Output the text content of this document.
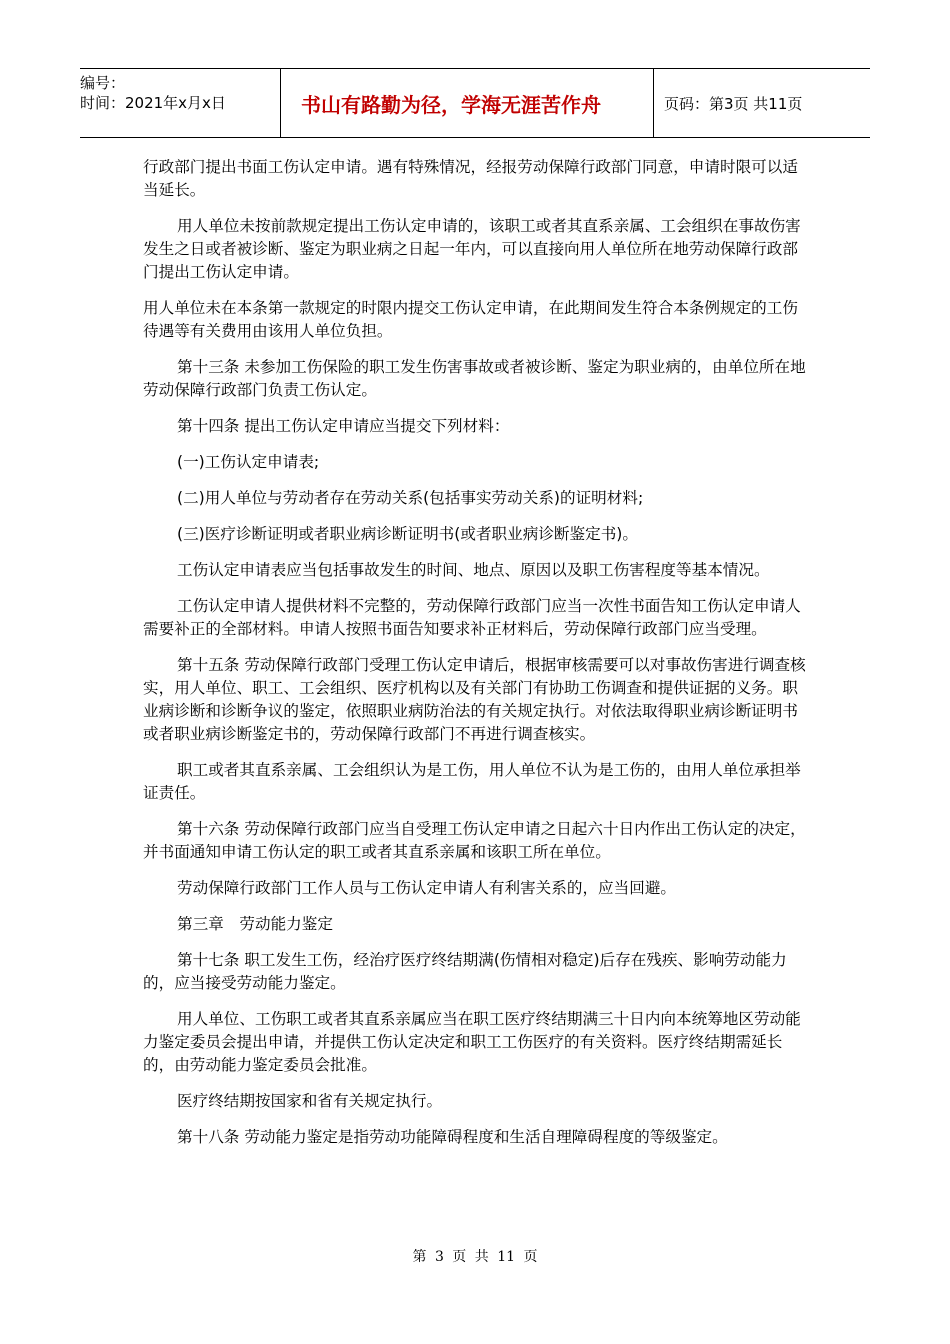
编号：
时间：2021年x月x日	书山有路勤为径，学海无涯苦作舟	页码：第3页 共11页

行政部门提出书面工伤认定申请。遇有特殊情况，经报劳动保障行政部门同意，申请时限可以适当延长。

用人单位未按前款规定提出工伤认定申请的，该职工或者其直系亲属、工会组织在事故伤害发生之日或者被诊断、鉴定为职业病之日起一年内，可以直接向用人单位所在地劳动保障行政部门提出工伤认定申请。

用人单位未在本条第一款规定的时限内提交工伤认定申请，在此期间发生符合本条例规定的工伤待遇等有关费用由该用人单位负担。

第十三条 未参加工伤保险的职工发生伤害事故或者被诊断、鉴定为职业病的，由单位所在地劳动保障行政部门负责工伤认定。

第十四条 提出工伤认定申请应当提交下列材料：

(一)工伤认定申请表;

(二)用人单位与劳动者存在劳动关系(包括事实劳动关系)的证明材料;

(三)医疗诊断证明或者职业病诊断证明书(或者职业病诊断鉴定书)。

工伤认定申请表应当包括事故发生的时间、地点、原因以及职工伤害程度等基本情况。

工伤认定申请人提供材料不完整的，劳动保障行政部门应当一次性书面告知工伤认定申请人需要补正的全部材料。申请人按照书面告知要求补正材料后，劳动保障行政部门应当受理。

第十五条 劳动保障行政部门受理工伤认定申请后，根据审核需要可以对事故伤害进行调查核实，用人单位、职工、工会组织、医疗机构以及有关部门有协助工伤调查和提供证据的义务。职业病诊断和诊断争议的鉴定，依照职业病防治法的有关规定执行。对依法取得职业病诊断证明书或者职业病诊断鉴定书的，劳动保障行政部门不再进行调查核实。

职工或者其直系亲属、工会组织认为是工伤，用人单位不认为是工伤的，由用人单位承担举证责任。

第十六条 劳动保障行政部门应当自受理工伤认定申请之日起六十日内作出工伤认定的决定，并书面通知申请工伤认定的职工或者其直系亲属和该职工所在单位。

劳动保障行政部门工作人员与工伤认定申请人有利害关系的，应当回避。

第三章　劳动能力鉴定

第十七条 职工发生工伤，经治疗医疗终结期满(伤情相对稳定)后存在残疾、影响劳动能力的，应当接受劳动能力鉴定。

用人单位、工伤职工或者其直系亲属应当在职工医疗终结期满三十日内向本统筹地区劳动能力鉴定委员会提出申请，并提供工伤认定决定和职工工伤医疗的有关资料。医疗终结期需延长的，由劳动能力鉴定委员会批准。

医疗终结期按国家和省有关规定执行。

第十八条 劳动能力鉴定是指劳动功能障碍程度和生活自理障碍程度的等级鉴定。

第 3 页 共 11 页
